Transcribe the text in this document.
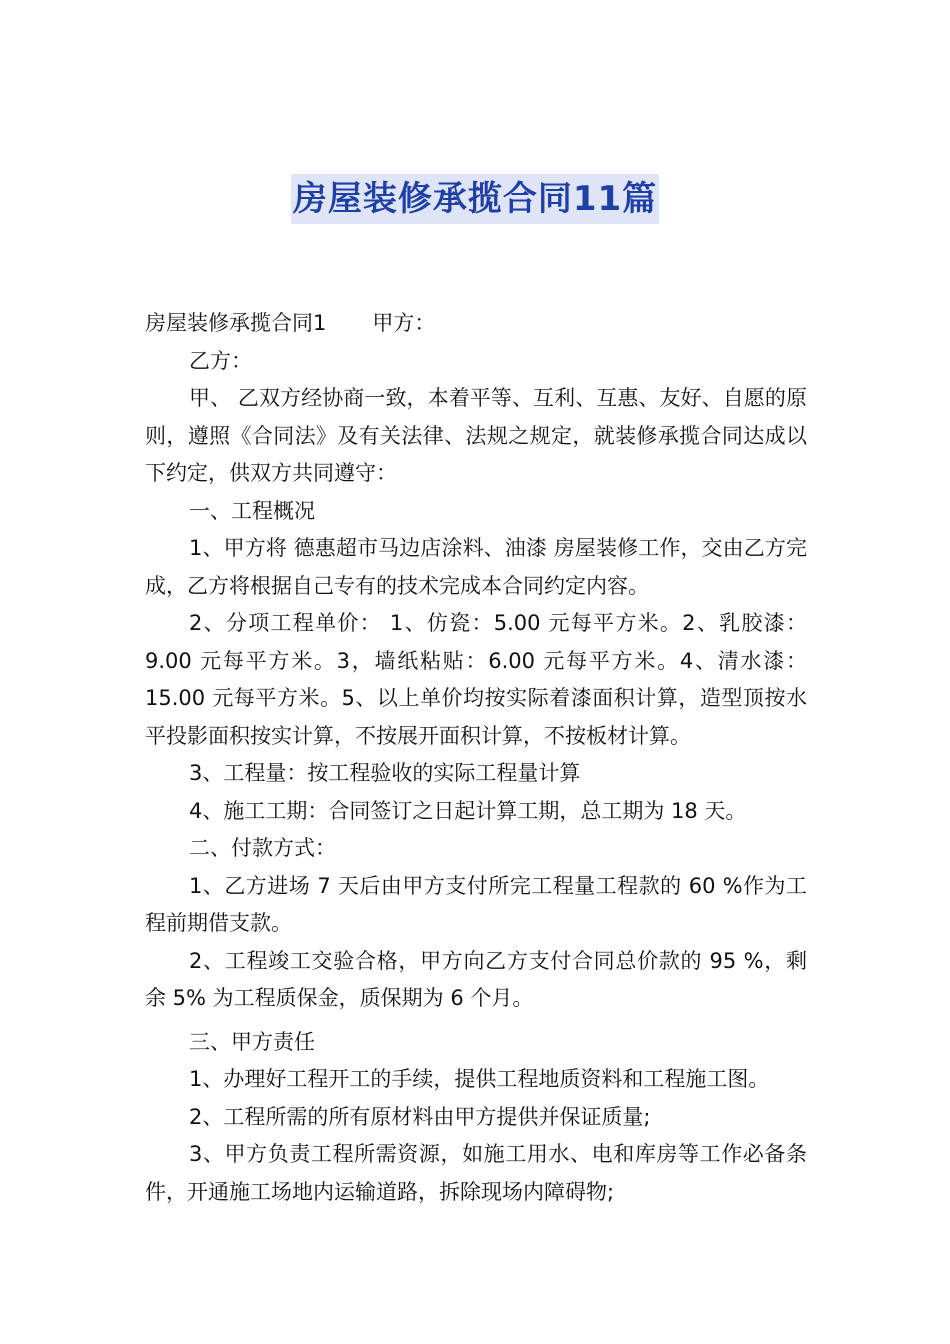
房屋装修承揽合同11篇

房屋装修承揽合同1 甲方：

乙方：

甲、 乙双方经协商一致，本着平等、互利、互惠、友好、自愿的原则，遵照《合同法》及有关法律、法规之规定，就装修承揽合同达成以下约定，供双方共同遵守：

一、工程概况

1、甲方将 德惠超市马边店涂料、油漆 房屋装修工作，交由乙方完成，乙方将根据自己专有的技术完成本合同约定内容。

2、分项工程单价： 1、仿瓷：5.00 元每平方米。2、乳胶漆：9.00 元每平方米。3，墙纸粘贴：6.00 元每平方米。4、清水漆：15.00 元每平方米。5、以上单价均按实际着漆面积计算，造型顶按水平投影面积按实计算，不按展开面积计算，不按板材计算。

3、工程量：按工程验收的实际工程量计算

4、施工工期：合同签订之日起计算工期，总工期为 18 天。

二、付款方式：

1、乙方进场 7 天后由甲方支付所完工程量工程款的 60 %作为工程前期借支款。

2、工程竣工交验合格，甲方向乙方支付合同总价款的 95 %，剩余 5% 为工程质保金，质保期为 6 个月。

三、甲方责任

1、办理好工程开工的手续，提供工程地质资料和工程施工图。

2、工程所需的所有原材料由甲方提供并保证质量;

3、甲方负责工程所需资源，如施工用水、电和库房等工作必备条件，开通施工场地内运输道路，拆除现场内障碍物;
